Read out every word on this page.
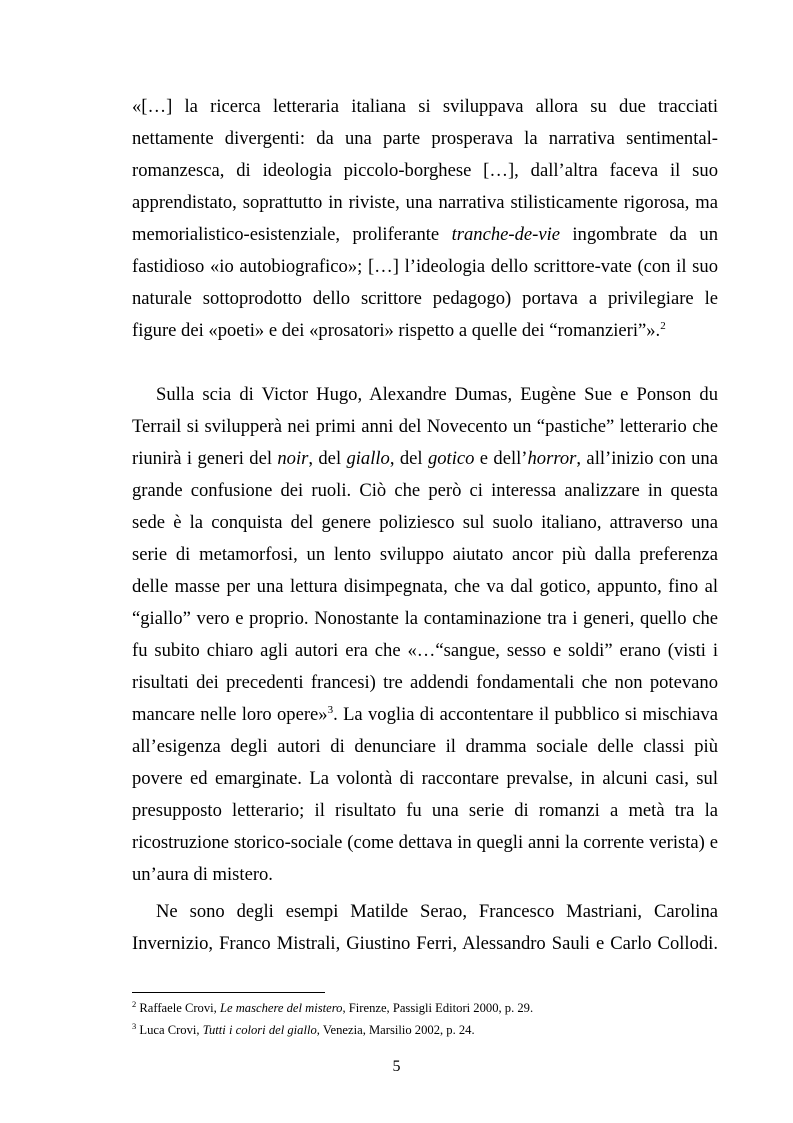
«[…] la ricerca letteraria italiana si sviluppava allora su due tracciati
nettamente divergenti: da una parte prosperava la narrativa sentimental-
romanzesca, di ideologia piccolo-borghese […], dall’altra faceva il suo
apprendistato, soprattutto in riviste, una narrativa stilisticamente rigorosa, ma
memorialistico-esistenziale, proliferante tranche-de-vie ingombrate da un
fastidioso «io autobiografico»; […] l’ideologia dello scrittore-vate (con il suo
naturale sottoprodotto dello scrittore pedagogo) portava a privilegiare le
figure dei «poeti» e dei «prosatori» rispetto a quelle dei “romanzieri”».$^2$
Sulla scia di Victor Hugo, Alexandre Dumas, Eugène Sue e Ponson du
Terrail si svilupperà nei primi anni del Novecento un “pastiche” letterario che
riunirà i generi del noir, del giallo, del gotico e dell’horror, all’inizio con una
grande confusione dei ruoli. Ciò che però ci interessa analizzare in questa
sede è la conquista del genere poliziesco sul suolo italiano, attraverso una
serie di metamorfosi, un lento sviluppo aiutato ancor più dalla preferenza
delle masse per una lettura disimpegnata, che va dal gotico, appunto, fino al
“giallo” vero e proprio. Nonostante la contaminazione tra i generi, quello che
fu subito chiaro agli autori era che «…“sangue, sesso e soldi” erano (visti i
risultati dei precedenti francesi) tre addendi fondamentali che non potevano
mancare nelle loro opere»$^3$. La voglia di accontentare il pubblico si mischiava
all’esigenza degli autori di denunciare il dramma sociale delle classi più
povere ed emarginate. La volontà di raccontare prevalse, in alcuni casi, sul
presupposto letterario; il risultato fu una serie di romanzi a metà tra la
ricostruzione storico-sociale (come dettava in quegli anni la corrente verista) e
un’aura di mistero.
Ne sono degli esempi Matilde Serao, Francesco Mastriani, Carolina
Invernizio, Franco Mistrali, Giustino Ferri, Alessandro Sauli e Carlo Collodi.
$^2$ Raffaele Crovi, Le maschere del mistero, Firenze, Passigli Editori 2000, p. 29.
$^3$ Luca Crovi, Tutti i colori del giallo, Venezia, Marsilio 2002, p. 24.
5
